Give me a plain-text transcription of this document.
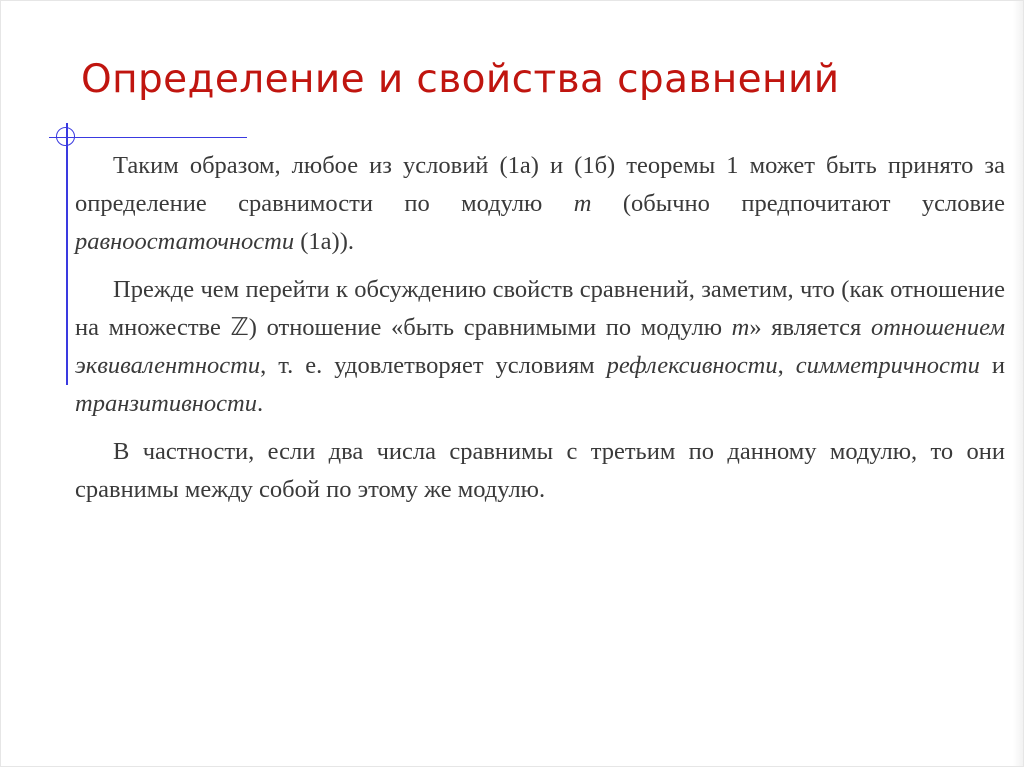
Определение и свойства сравнений

Таким образом, любое из условий (1а) и (1б) теоремы 1 может быть принято за определение сравнимости по модулю m (обычно предпочитают условие равноостаточности (1а)).

Прежде чем перейти к обсуждению свойств сравнений, заметим, что (как отношение на множестве ℤ) отношение «быть сравнимыми по модулю m» является отношением эквивалентности, т. е. удовлетворяет условиям рефлексивности, симметричности и транзитивности.

В частности, если два числа сравнимы с третьим по данному модулю, то они сравнимы между собой по этому же модулю.
